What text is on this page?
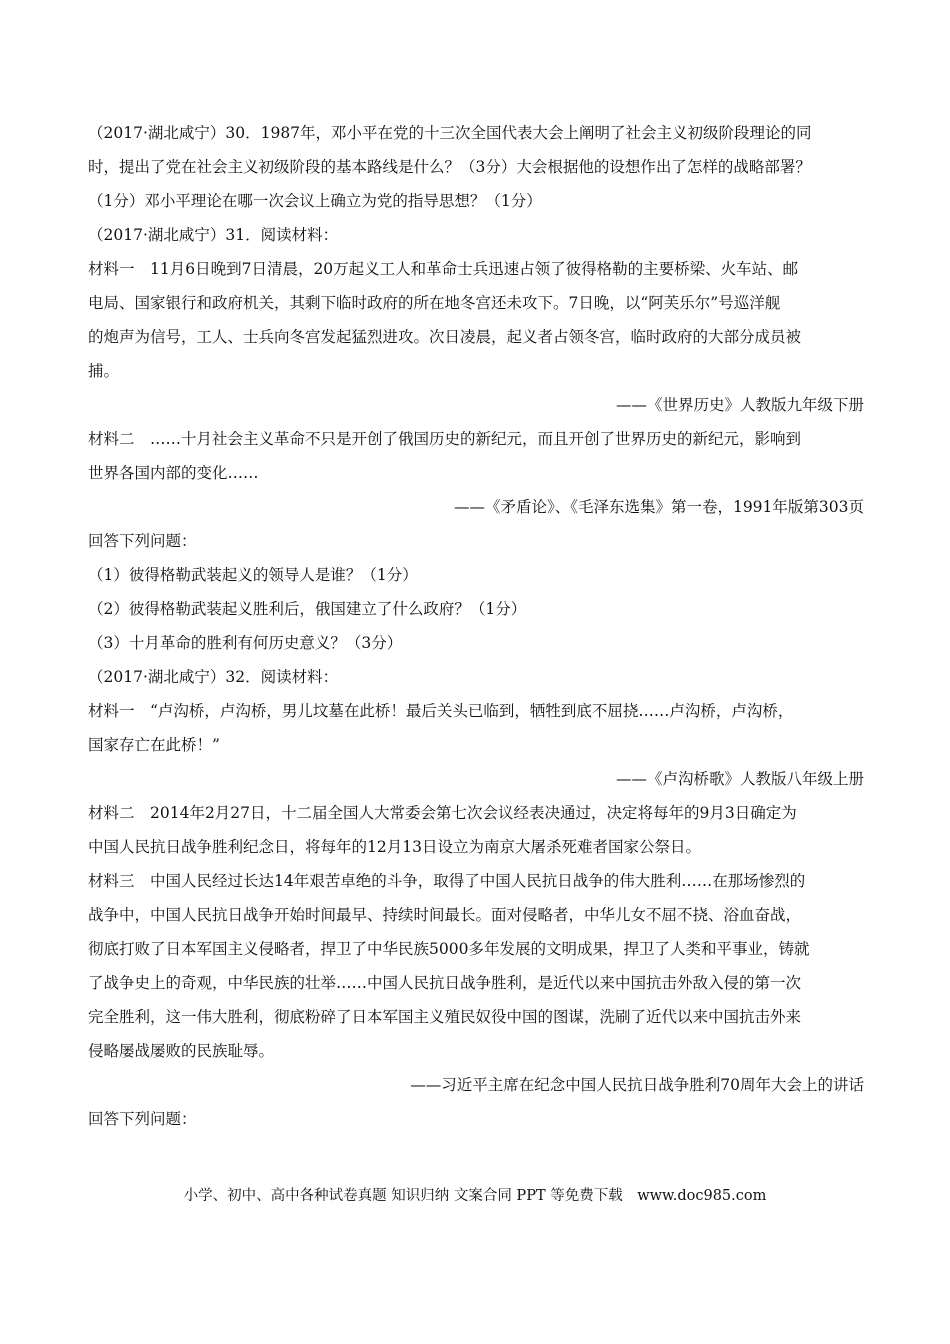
（2017·湖北咸宁）30．1987年，邓小平在党的十三次全国代表大会上阐明了社会主义初级阶段理论的同
时，提出了党在社会主义初级阶段的基本路线是什么？（3分）大会根据他的设想作出了怎样的战略部署？
（1分）邓小平理论在哪一次会议上确立为党的指导思想？（1分）
（2017·湖北咸宁）31．阅读材料：
材料一　11月6日晚到7日清晨，20万起义工人和革命士兵迅速占领了彼得格勒的主要桥梁、火车站、邮
电局、国家银行和政府机关，其剩下临时政府的所在地冬宫还未攻下。7日晚，以“阿芙乐尔”号巡洋舰
的炮声为信号，工人、士兵向冬宫发起猛烈进攻。次日凌晨，起义者占领冬宫，临时政府的大部分成员被
捕。
——《世界历史》人教版九年级下册
材料二　……十月社会主义革命不只是开创了俄国历史的新纪元，而且开创了世界历史的新纪元，影响到
世界各国内部的变化……
——《矛盾论》、《毛泽东选集》第一卷，1991年版第303页
回答下列问题：
（1）彼得格勒武装起义的领导人是谁？（1分）
（2）彼得格勒武装起义胜利后，俄国建立了什么政府？（1分）
（3）十月革命的胜利有何历史意义？（3分）
（2017·湖北咸宁）32．阅读材料：
材料一　“卢沟桥，卢沟桥，男儿坟墓在此桥！最后关头已临到，牺牲到底不屈挠……卢沟桥，卢沟桥，
国家存亡在此桥！”
——《卢沟桥歌》人教版八年级上册
材料二　2014年2月27日，十二届全国人大常委会第七次会议经表决通过，决定将每年的9月3日确定为
中国人民抗日战争胜利纪念日，将每年的12月13日设立为南京大屠杀死难者国家公祭日。
材料三　中国人民经过长达14年艰苦卓绝的斗争，取得了中国人民抗日战争的伟大胜利……在那场惨烈的
战争中，中国人民抗日战争开始时间最早、持续时间最长。面对侵略者，中华儿女不屈不挠、浴血奋战，
彻底打败了日本军国主义侵略者，捍卫了中华民族5000多年发展的文明成果，捍卫了人类和平事业，铸就
了战争史上的奇观，中华民族的壮举……中国人民抗日战争胜利，是近代以来中国抗击外敌入侵的第一次
完全胜利，这一伟大胜利，彻底粉碎了日本军国主义殖民奴役中国的图谋，洗刷了近代以来中国抗击外来
侵略屡战屡败的民族耻辱。
——习近平主席在纪念中国人民抗日战争胜利70周年大会上的讲话
回答下列问题：
小学、初中、高中各种试卷真题 知识归纳 文案合同 PPT 等免费下载　www.doc985.com
